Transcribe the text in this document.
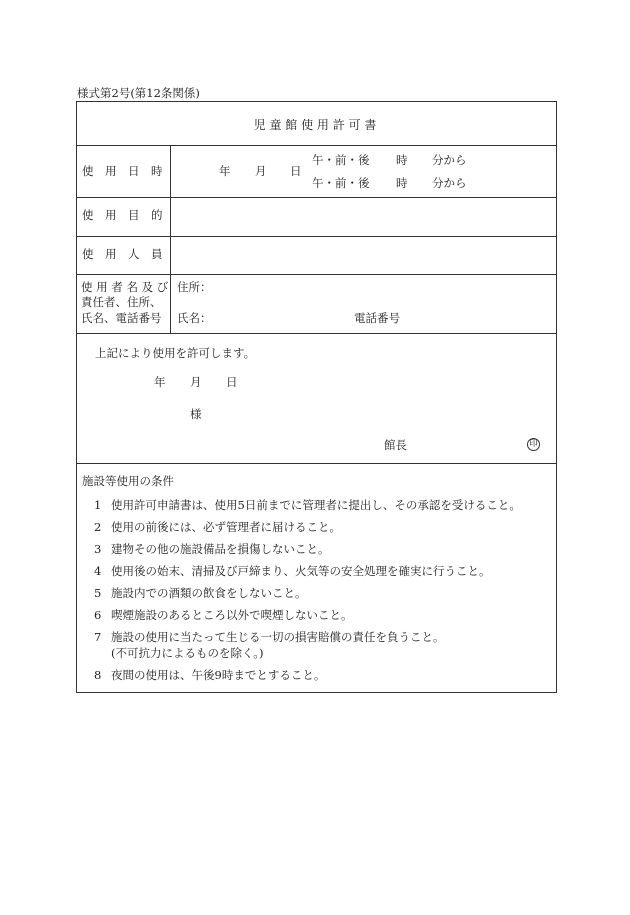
様式第2号(第12条関係)
児 童 館 使 用 許 可 書
使　用　日　時
使　用　目　的
使　用　人　員
使 用 者 名 及 び
責任者、住所、
氏名、電話番号
年 月 日
午・前・後 時 分から
午・前・後 時 分から
住所：
氏名：	電話番号
上記により使用を許可します。
年 月 日
様
館長	印
施設等使用の条件
1 使用許可申請書は、使用5日前までに管理者に提出し、その承認を受けること。
2 使用の前後には、必ず管理者に届けること。
3 建物その他の施設備品を損傷しないこと。
4 使用後の始末、清掃及び戸締まり、火気等の安全処理を確実に行うこと。
5 施設内での酒類の飲食をしないこと。
6 喫煙施設のあるところ以外で喫煙しないこと。
7 施設の使用に当たって生じる一切の損害賠償の責任を負うこと。
(不可抗力によるものを除く。)
8 夜間の使用は、午後9時までとすること。
